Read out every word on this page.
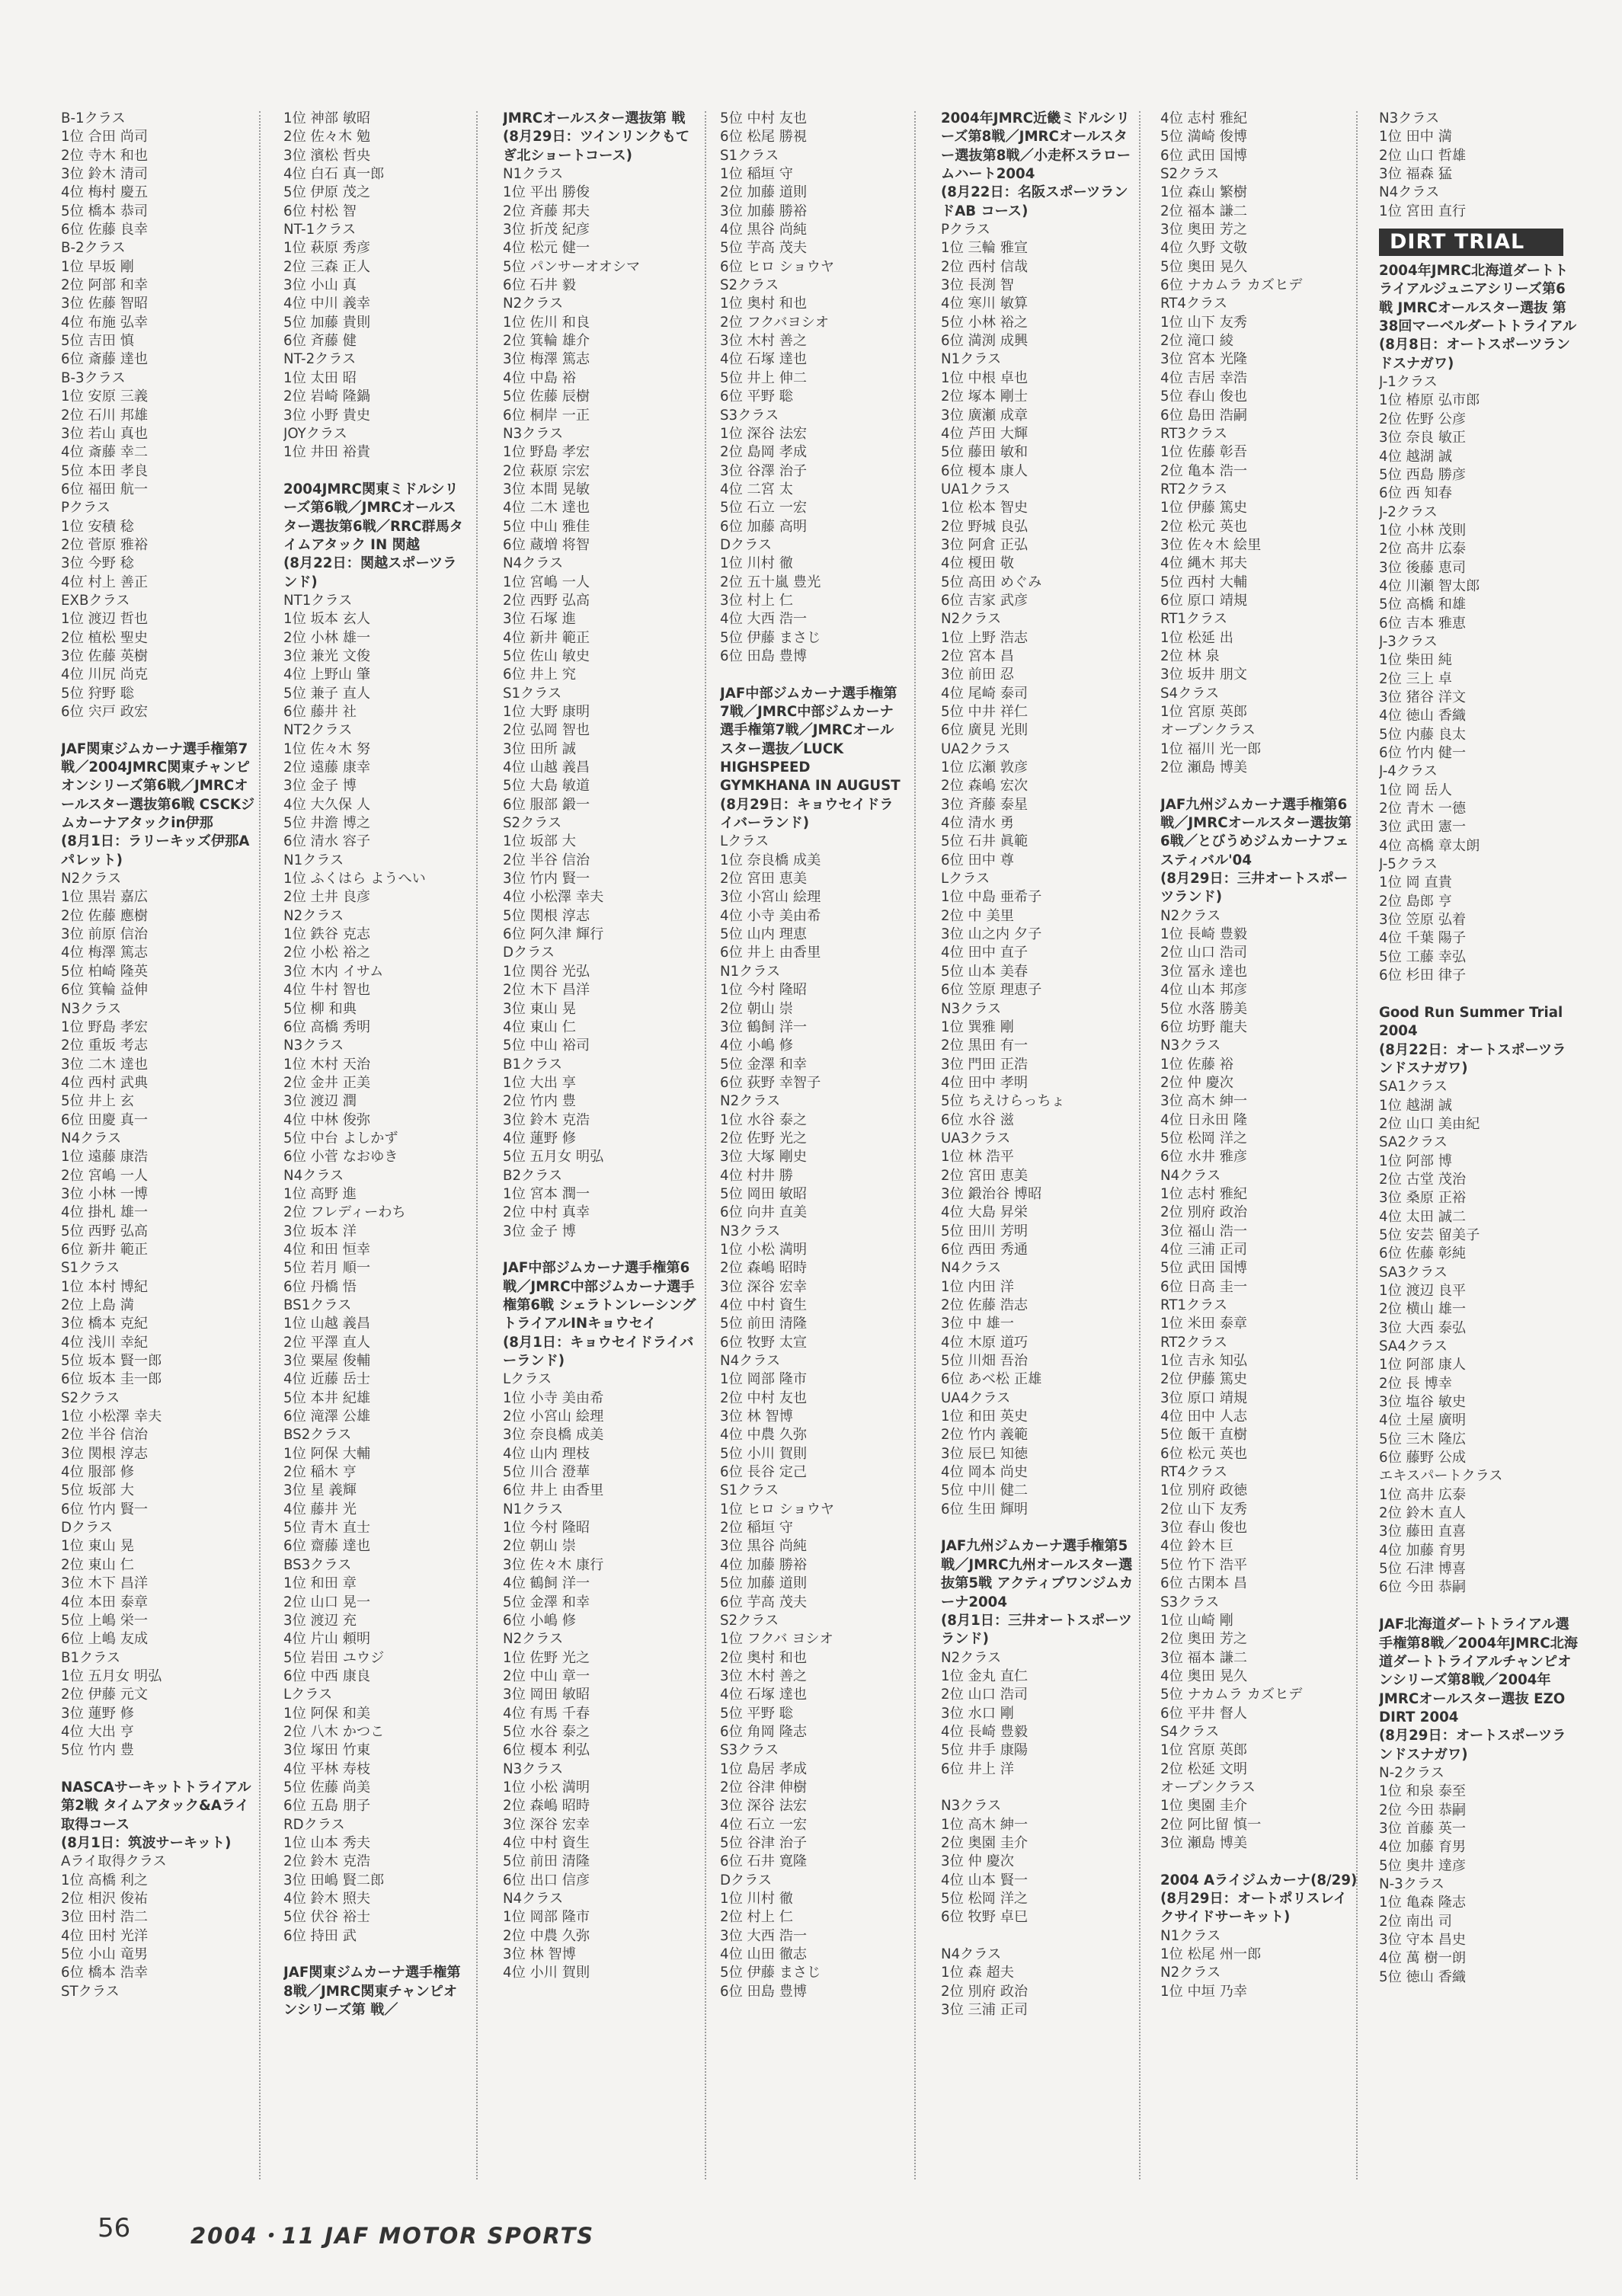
B-1クラス
1位 合田 尚司
2位 寺木 和也
3位 鈴木 清司
4位 梅村 慶五
5位 橋本 恭司
6位 佐藤 良幸
B-2クラス
1位 早坂 剛
2位 阿部 和幸
3位 佐藤 智昭
4位 布施 弘幸
5位 吉田 慎
6位 斎藤 達也
B-3クラス
1位 安原 三義
2位 石川 邦雄
3位 若山 真也
4位 斎藤 幸二
5位 本田 孝良
6位 福田 航一
Pクラス
1位 安積 稔
2位 菅原 雅裕
3位 今野 稔
4位 村上 善正
EXBクラス
1位 渡辺 哲也
2位 植松 聖史
3位 佐藤 英樹
4位 川尻 尚克
5位 狩野 聡
6位 宍戸 政宏
JAF関東ジムカーナ選手権第7戦／2004JMRC関東チャンピオンシリーズ第6戦／JMRCオールスター選抜第6戦 CSCKジムカーナアタックin伊那
(8月1日：ラリーキッズ伊那Aパレット)
N2クラス
1位 黒岩 嘉広
2位 佐藤 應樹
3位 前原 信治
4位 梅澤 篤志
5位 柏崎 隆英
6位 箕輪 益伸
N3クラス
1位 野島 孝宏
2位 重坂 考志
3位 二木 達也
4位 西村 武典
5位 井上 玄
6位 田慶 真一
N4クラス
1位 遠藤 康浩
2位 宮嶋 一人
3位 小林 一博
4位 掛札 雄一
5位 西野 弘高
6位 新井 範正
S1クラス
1位 本村 博紀
2位 上島 満
3位 橋本 克紀
4位 浅川 幸紀
5位 坂本 賢一郎
6位 坂本 圭一郎
S2クラス
1位 小松澤 幸夫
2位 半谷 信治
3位 関根 淳志
4位 服部 修
5位 坂部 大
6位 竹内 賢一
Dクラス
1位 東山 晃
2位 東山 仁
3位 木下 昌洋
4位 本田 泰章
5位 上嶋 栄一
6位 上嶋 友成
B1クラス
1位 五月女 明弘
2位 伊藤 元文
3位 蓮野 修
4位 大出 亨
5位 竹内 豊
NASCAサーキットトライアル第2戦 タイムアタック&Aライ取得コース
(8月1日：筑波サーキット)
Aライ取得クラス
1位 高橋 利之
2位 相沢 俊祐
3位 田村 浩二
4位 田村 光洋
5位 小山 竜男
6位 橋本 浩幸
STクラス
1位 神部 敏昭
2位 佐々木 勉
3位 濱松 哲央
4位 白石 真一郎
5位 伊原 茂之
6位 村松 智
NT-1クラス
1位 萩原 秀彦
2位 三森 正人
3位 小山 真
4位 中川 義幸
5位 加藤 貴則
6位 斉藤 健
NT-2クラス
1位 太田 昭
2位 岩崎 隆鍋
3位 小野 貴史
JOYクラス
1位 井田 裕貴
2004JMRC関東ミドルシリーズ第6戦／JMRCオールスター選抜第6戦／RRC群馬タイムアタック IN 関越
(8月22日：関越スポーツランド)
NT1クラス
1位 坂本 玄人
2位 小林 雄一
3位 兼光 文俊
4位 上野山 肇
5位 兼子 直人
6位 藤井 社
NT2クラス
1位 佐々木 努
2位 遠藤 康幸
3位 金子 博
4位 大久保 人
5位 井澹 博之
6位 清水 容子
N1クラス
1位 ふくはら ようへい
2位 土井 良彦
N2クラス
1位 鉄谷 克志
2位 小松 裕之
3位 木内 イサム
4位 牛村 智也
5位 柳 和典
6位 高橋 秀明
N3クラス
1位 木村 天治
2位 金井 正美
3位 渡辺 潤
4位 中林 俊弥
5位 中台 よしかず
6位 小菅 なおゆき
N4クラス
1位 高野 進
2位 フレディーわち
3位 坂本 洋
4位 和田 恒幸
5位 若月 順一
6位 丹橋 悟
BS1クラス
1位 山越 義昌
2位 平澤 直人
3位 粟屋 俊輔
4位 近藤 岳士
5位 本井 紀雄
6位 滝澤 公雄
BS2クラス
1位 阿保 大輔
2位 稲木 亨
3位 星 義輝
4位 藤井 光
5位 青木 直士
6位 齋藤 達也
BS3クラス
1位 和田 章
2位 山口 晃一
3位 渡辺 充
4位 片山 頼明
5位 岩田 ユウジ
6位 中西 康良
Lクラス
1位 阿保 和美
2位 八木 かつこ
3位 塚田 竹東
4位 平林 寿枝
5位 佐藤 尚美
6位 五島 朋子
RDクラス
1位 山本 秀夫
2位 鈴木 克浩
3位 田嶋 賢二郎
4位 鈴木 照夫
5位 伏谷 裕士
6位 持田 武
JAF関東ジムカーナ選手権第8戦／JMRC関東チャンピオンシリーズ第 戦／
JMRCオールスター選抜第 戦
(8月29日：ツインリンクもてぎ北ショートコース)
N1クラス
1位 平出 勝俊
2位 斉藤 邦夫
3位 折茂 紀彦
4位 松元 健一
5位 パンサーオオシマ
6位 石井 毅
N2クラス
1位 佐川 和良
2位 箕輪 雄介
3位 梅澤 篤志
4位 中島 裕
5位 佐藤 辰樹
6位 桐岸 一正
N3クラス
1位 野島 孝宏
2位 萩原 宗宏
3位 本間 晃敏
4位 二木 達也
5位 中山 雅佳
6位 蔵増 将智
N4クラス
1位 宮嶋 一人
2位 西野 弘高
3位 石塚 進
4位 新井 範正
5位 佐山 敏史
6位 井上 究
S1クラス
1位 大野 康明
2位 弘岡 智也
3位 田所 誠
4位 山越 義昌
5位 大島 敏道
6位 服部 鍛一
S2クラス
1位 坂部 大
2位 半谷 信治
3位 竹内 賢一
4位 小松澤 幸夫
5位 関根 淳志
6位 阿久津 輝行
Dクラス
1位 関谷 光弘
2位 木下 昌洋
3位 東山 晃
4位 東山 仁
5位 中山 裕司
B1クラス
1位 大出 享
2位 竹内 豊
3位 鈴木 克浩
4位 蓮野 修
5位 五月女 明弘
B2クラス
1位 宮本 潤一
2位 中村 真幸
3位 金子 博
JAF中部ジムカーナ選手権第6戦／JMRC中部ジムカーナ選手権第6戦 シェラトンレーシングトライアルINキョウセイ
(8月1日：キョウセイドライバーランド)
Lクラス
1位 小寺 美由希
2位 小宮山 絵理
3位 奈良橋 成美
4位 山内 理枝
5位 川合 澄華
6位 井上 由香里
N1クラス
1位 今村 隆昭
2位 朝山 崇
3位 佐々木 康行
4位 鶴飼 洋一
5位 金澤 和幸
6位 小嶋 修
N2クラス
1位 佐野 光之
2位 中山 章一
3位 岡田 敏昭
4位 有馬 千春
5位 水谷 泰之
6位 榎本 利弘
N3クラス
1位 小松 満明
2位 森嶋 昭時
3位 深谷 宏幸
4位 中村 資生
5位 前田 清隆
6位 出口 信彦
N4クラス
1位 岡部 隆市
2位 中農 久弥
3位 林 智博
4位 小川 賀則
5位 中村 友也
6位 松尾 勝視
S1クラス
1位 稲垣 守
2位 加藤 道則
3位 加藤 勝裕
4位 黒谷 尚純
5位 芋高 茂夫
6位 ヒロ ショウヤ
S2クラス
1位 奥村 和也
2位 フクバヨシオ
3位 木村 善之
4位 石塚 達也
5位 井上 伸二
6位 平野 聡
S3クラス
1位 深谷 法宏
2位 島岡 孝成
3位 谷澤 治子
4位 二宮 太
5位 石立 一宏
6位 加藤 高明
Dクラス
1位 川村 徹
2位 五十嵐 豊光
3位 村上 仁
4位 大西 浩一
5位 伊藤 まさじ
6位 田島 豊博
JAF中部ジムカーナ選手権第7戦／JMRC中部ジムカーナ選手権第7戦／JMRCオールスター選抜／LUCK HIGHSPEED GYMKHANA IN AUGUST
(8月29日：キョウセイドライバーランド)
Lクラス
1位 奈良橋 成美
2位 宮田 恵美
3位 小宮山 絵理
4位 小寺 美由希
5位 山内 理恵
6位 井上 由香里
N1クラス
1位 今村 隆昭
2位 朝山 崇
3位 鶴飼 洋一
4位 小嶋 修
5位 金澤 和幸
6位 荻野 幸智子
N2クラス
1位 水谷 泰之
2位 佐野 光之
3位 大塚 剛史
4位 村井 勝
5位 岡田 敏昭
6位 向井 直美
N3クラス
1位 小松 満明
2位 森嶋 昭時
3位 深谷 宏幸
4位 中村 資生
5位 前田 清隆
6位 牧野 太宣
N4クラス
1位 岡部 隆市
2位 中村 友也
3位 林 智博
4位 中農 久弥
5位 小川 賀則
6位 長谷 定己
S1クラス
1位 ヒロ ショウヤ
2位 稲垣 守
3位 黒谷 尚純
4位 加藤 勝裕
5位 加藤 道則
6位 芋高 茂夫
S2クラス
1位 フクバ ヨシオ
2位 奥村 和也
3位 木村 善之
4位 石塚 達也
5位 平野 聡
6位 角岡 隆志
S3クラス
1位 島居 孝成
2位 谷津 伸樹
3位 深谷 法宏
4位 石立 一宏
5位 谷津 治子
6位 石井 寛隆
Dクラス
1位 川村 徹
2位 村上 仁
3位 大西 浩一
4位 山田 徹志
5位 伊藤 まさじ
6位 田島 豊博
2004年JMRC近畿ミドルシリーズ第8戦／JMRCオールスター選抜第8戦／小走杯スラロームハート2004
(8月22日：名阪スポーツランドAB コース)
Pクラス
1位 三輪 雅宣
2位 西村 信哉
3位 長渕 智
4位 寒川 敏算
5位 小林 裕之
6位 満渕 成興
N1クラス
1位 中根 卓也
2位 塚本 剛士
3位 廣瀬 成章
4位 芦田 大輝
5位 藤田 敏和
6位 榎本 康人
UA1クラス
1位 松本 智史
2位 野城 良弘
3位 阿倉 正弘
4位 榎田 敬
5位 高田 めぐみ
6位 吉家 武彦
N2クラス
1位 上野 浩志
2位 宮本 昌
3位 前田 忍
4位 尾崎 泰司
5位 中井 祥仁
6位 廣見 光則
UA2クラス
1位 広瀬 敦彦
2位 森嶋 宏次
3位 斉藤 泰星
4位 清水 勇
5位 石井 眞範
6位 田中 尊
Lクラス
1位 中島 亜希子
2位 中 美里
3位 山之内 夕子
4位 田中 直子
5位 山本 美春
6位 笠原 理恵子
N3クラス
1位 巽雅 剛
2位 黒田 有一
3位 門田 正浩
4位 田中 孝明
5位 ちえけらっちょ
6位 水谷 滋
UA3クラス
1位 林 浩平
2位 宮田 恵美
3位 鍛治谷 博昭
4位 大島 昇栄
5位 田川 芳明
6位 西田 秀通
N4クラス
1位 内田 洋
2位 佐藤 浩志
3位 中 雄一
4位 木原 道巧
5位 川畑 吾治
6位 あべ松 正雄
UA4クラス
1位 和田 英史
2位 竹内 義範
3位 辰巳 知徳
4位 岡本 尚史
5位 中川 健二
6位 生田 輝明
JAF九州ジムカーナ選手権第5戦／JMRC九州オールスター選抜第5戦 アクティブワンジムカーナ2004
(8月1日：三井オートスポーツランド)
N2クラス
1位 金丸 直仁
2位 山口 浩司
3位 水口 剛
4位 長崎 豊毅
5位 井手 康陽
6位 井上 洋
N3クラス
1位 高木 紳一
2位 奥園 圭介
3位 仲 慶次
4位 山本 賢一
5位 松岡 洋之
6位 牧野 卓巳
N4クラス
1位 森 超夫
2位 別府 政治
3位 三浦 正司
4位 志村 雅紀
5位 満崎 俊博
6位 武田 国博
S2クラス
1位 森山 繁樹
2位 福本 謙二
3位 奥田 芳之
4位 久野 文敬
5位 奥田 晃久
6位 ナカムラ カズヒデ
RT4クラス
1位 山下 友秀
2位 滝口 綾
3位 宮本 光隆
4位 吉居 幸浩
5位 春山 俊也
6位 島田 浩嗣
RT3クラス
1位 佐藤 彰吾
2位 亀本 浩一
RT2クラス
1位 伊藤 篤史
2位 松元 英也
3位 佐々木 絵里
4位 縄木 邦夫
5位 西村 大輔
6位 原口 靖規
RT1クラス
1位 松延 出
2位 林 泉
3位 坂井 朋文
S4クラス
1位 宮原 英郎
オープンクラス
1位 福川 光一郎
2位 瀬島 博美
JAF九州ジムカーナ選手権第6戦／JMRCオールスター選抜第6戦／とびうめジムカーナフェスティバル'04
(8月29日：三井オートスポーツランド)
N2クラス
1位 長崎 豊毅
2位 山口 浩司
3位 冨永 達也
4位 山本 邦彦
5位 水落 勝美
6位 坊野 龍夫
N3クラス
1位 佐藤 裕
2位 仲 慶次
3位 高木 紳一
4位 日永田 隆
5位 松岡 洋之
6位 水井 雅彦
N4クラス
1位 志村 雅紀
2位 別府 政治
3位 福山 浩一
4位 三浦 正司
5位 武田 国博
6位 日高 圭一
RT1クラス
1位 米田 泰章
RT2クラス
1位 吉永 知弘
2位 伊藤 篤史
3位 原口 靖規
4位 田中 人志
5位 飯干 直樹
6位 松元 英也
RT4クラス
1位 別府 政徳
2位 山下 友秀
3位 春山 俊也
4位 鈴木 巨
5位 竹下 浩平
6位 古閑本 昌
S3クラス
1位 山崎 剛
2位 奥田 芳之
3位 福本 謙二
4位 奥田 晃久
5位 ナカムラ カズヒデ
6位 平井 督人
S4クラス
1位 宮原 英郎
2位 松延 文明
オープンクラス
1位 奥園 圭介
2位 阿比留 慎一
3位 瀬島 博美
2004 Aライジムカーナ(8/29)
(8月29日：オートポリスレイクサイドサーキット)
N1クラス
1位 松尾 州一郎
N2クラス
1位 中垣 乃幸
N3クラス
1位 田中 満
2位 山口 哲雄
3位 福森 猛
N4クラス
1位 宮田 直行
DIRT TRIAL
2004年JMRC北海道ダートトライアルジュニアシリーズ第6戦 JMRCオールスター選抜 第38回マーベルダートトライアル
(8月8日：オートスポーツランドスナガワ)
J-1クラス
1位 椿原 弘市郎
2位 佐野 公彦
3位 奈良 敏正
4位 越湖 誠
5位 西島 勝彦
6位 西 知春
J-2クラス
1位 小林 茂則
2位 高井 広泰
3位 後藤 恵司
4位 川瀬 智太郎
5位 高橋 和雄
6位 吉本 雅恵
J-3クラス
1位 柴田 純
2位 三上 卓
3位 猪谷 洋文
4位 徳山 香織
5位 内藤 良太
6位 竹内 健一
J-4クラス
1位 岡 岳人
2位 青木 一德
3位 武田 憲一
4位 高橋 章太朗
J-5クラス
1位 岡 直貴
2位 島郎 亨
3位 笠原 弘着
4位 千葉 陽子
5位 工藤 幸弘
6位 杉田 律子
Good Run Summer Trial 2004
(8月22日：オートスポーツランドスナガワ)
SA1クラス
1位 越湖 誠
2位 山口 美由紀
SA2クラス
1位 阿部 博
2位 古堂 茂治
3位 桑原 正裕
4位 太田 誠二
5位 安芸 留美子
6位 佐藤 彰純
SA3クラス
1位 渡辺 良平
2位 横山 雄一
3位 大西 泰弘
SA4クラス
1位 阿部 康人
2位 長 博幸
3位 塩谷 敏史
4位 土屋 廣明
5位 三木 隆広
6位 藤野 公成
エキスパートクラス
1位 高井 広泰
2位 鈴木 直人
3位 藤田 直喜
4位 加藤 育男
5位 石津 博喜
6位 今田 恭嗣
JAF北海道ダートトライアル選手権第8戦／2004年JMRC北海道ダートトライアルチャンピオンシリーズ第8戦／2004年JMRCオールスター選抜 EZO DIRT 2004
(8月29日：オートスポーツランドスナガワ)
N-2クラス
1位 和泉 泰至
2位 今田 恭嗣
3位 首藤 英一
4位 加藤 育男
5位 奥井 達彦
N-3クラス
1位 亀森 隆志
2位 南出 司
3位 守本 昌史
4位 萬 樹一朗
5位 徳山 香織
56	2004・11 JAF MOTOR SPORTS
